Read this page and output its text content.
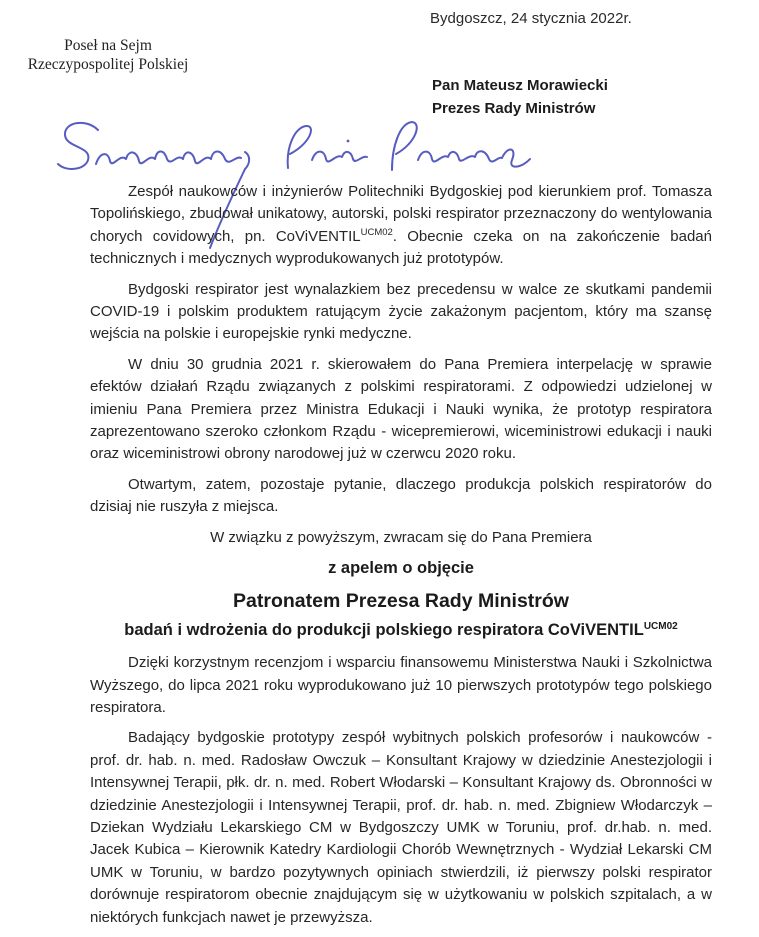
Bydgoszcz, 24 stycznia 2022r.
Poseł na Sejm
Rzeczypospolitej Polskiej
Pan Mateusz Morawiecki
Prezes Rady Ministrów

Zespół naukowców i inżynierów Politechniki Bydgoskiej pod kierunkiem prof. Tomasza Topolińskiego, zbudował unikatowy, autorski, polski respirator przeznaczony do wentylowania chorych covidowych, pn. CoViVENTIL$^{UCM02}$. Obecnie czeka on na zakończenie badań technicznych i medycznych wyprodukowanych już prototypów.

Bydgoski respirator jest wynalazkiem bez precedensu w walce ze skutkami pandemii COVID-19 i polskim produktem ratującym życie zakażonym pacjentom, który ma szansę wejścia na polskie i europejskie rynki medyczne.

W dniu 30 grudnia 2021 r. skierowałem do Pana Premiera interpelację w sprawie efektów działań Rządu związanych z polskimi respiratorami. Z odpowiedzi udzielonej w imieniu Pana Premiera przez Ministra Edukacji i Nauki wynika, że prototyp respiratora zaprezentowano szeroko członkom Rządu - wicepremierowi, wiceministrowi edukacji i nauki oraz wiceministrowi obrony narodowej już w czerwcu 2020 roku.

Otwartym, zatem, pozostaje pytanie, dlaczego produkcja polskich respiratorów do dzisiaj nie ruszyła z miejsca.

W związku z powyższym, zwracam się do Pana Premiera

z apelem o objęcie
Patronatem Prezesa Rady Ministrów
badań i wdrożenia do produkcji polskiego respiratora CoViVENTIL$^{UCM02}$

Dzięki korzystnym recenzjom i wsparciu finansowemu Ministerstwa Nauki i Szkolnictwa Wyższego, do lipca 2021 roku wyprodukowano już 10 pierwszych prototypów tego polskiego respiratora.

Badający bydgoskie prototypy zespół wybitnych polskich profesorów i naukowców - prof. dr. hab. n. med. Radosław Owczuk – Konsultant Krajowy w dziedzinie Anestezjologii i Intensywnej Terapii, płk. dr. n. med. Robert Włodarski – Konsultant Krajowy ds. Obronności w dziedzinie Anestezjologii i Intensywnej Terapii, prof. dr. hab. n. med. Zbigniew Włodarczyk – Dziekan Wydziału Lekarskiego CM w Bydgoszczy UMK w Toruniu, prof. dr.hab. n. med. Jacek Kubica – Kierownik Katedry Kardiologii Chorób Wewnętrznych - Wydział Lekarski CM UMK w Toruniu, w bardzo pozytywnych opiniach stwierdzili, iż pierwszy polski respirator dorównuje respiratorom obecnie znajdującym się w użytkowaniu w polskich szpitalach, a w niektórych funkcjach nawet je przewyższa.
